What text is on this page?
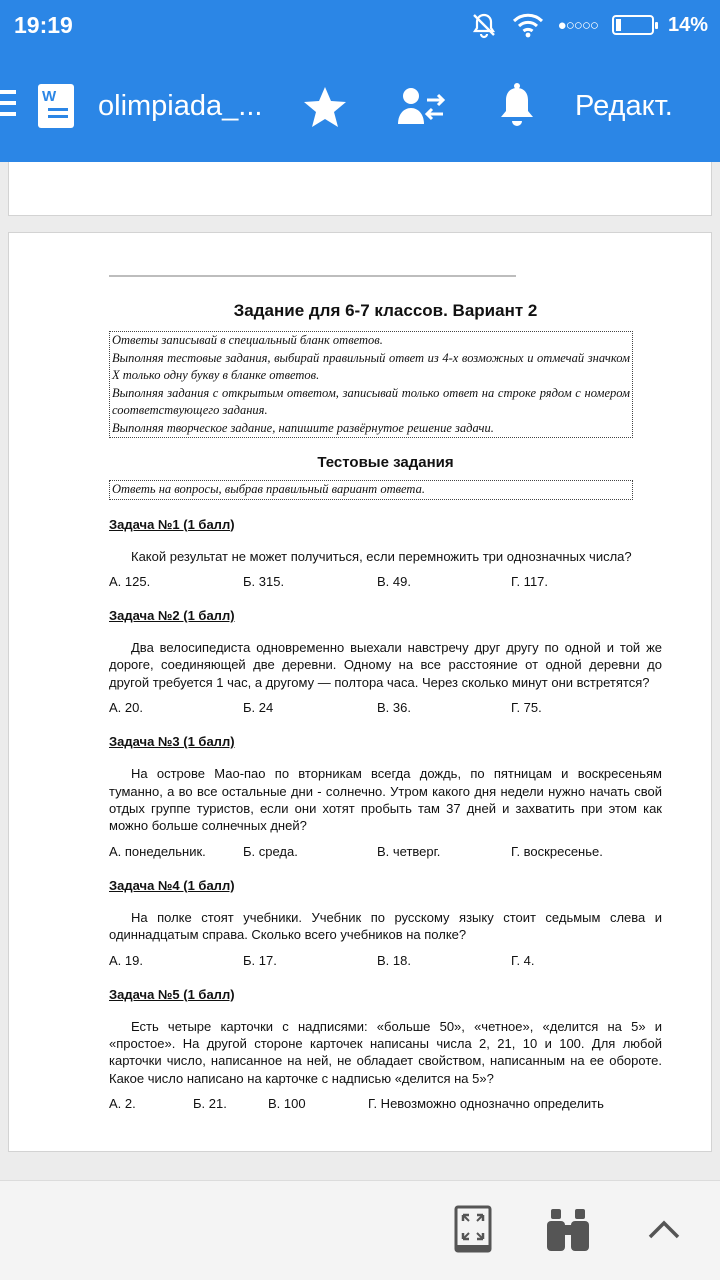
19:19	●○○○○	14%
W olimpiada_...	Редакт.
Задание для 6-7 классов. Вариант 2

Ответы записывай в специальный бланк ответов.

Выполняя тестовые задания, выбирай правильный ответ из 4-х возможных и отмечай значком X только одну букву в бланке ответов.

Выполняя задания с открытым ответом, записывай только ответ на строке рядом с номером соответствующего задания.

Выполняя творческое задание, напишите развёрнутое решение задачи.

Тестовые задания
Ответь на вопросы, выбрав правильный вариант ответа.
Задача №1 (1 балл)
Какой результат не может получиться, если перемножить три однозначных числа?
А. 125.	Б. 315.	В. 49.	Г. 117.
Задача №2 (1 балл)
Два велосипедиста одновременно выехали навстречу друг другу по одной и той же дороге, соединяющей две деревни. Одному на все расстояние от одной деревни до другой требуется 1 час, а другому — полтора часа. Через сколько минут они встретятся?
А. 20.	Б. 24	В. 36.	Г. 75.
Задача №3 (1 балл)
На острове Мао-пао по вторникам всегда дождь, по пятницам и воскресеньям туманно, а во все остальные дни - солнечно. Утром какого дня недели нужно начать свой отдых группе туристов, если они хотят пробыть там 37 дней и захватить при этом как можно больше солнечных дней?
А. понедельник.	Б. среда.	В. четверг.	Г. воскресенье.
Задача №4 (1 балл)
На полке стоят учебники. Учебник по русскому языку стоит седьмым слева и одиннадцатым справа. Сколько всего учебников на полке?
А. 19.	Б. 17.	В. 18.	Г. 4.
Задача №5 (1 балл)
Есть четыре карточки с надписями: «больше 50», «четное», «делится на 5» и «простое». На другой стороне карточек написаны числа 2, 21, 10 и 100. Для любой карточки число, написанное на ней, не обладает свойством, написанным на ее обороте. Какое число написано на карточке с надписью «делится на 5»?
А. 2.	Б. 21.	В. 100	Г. Невозможно однозначно определить
